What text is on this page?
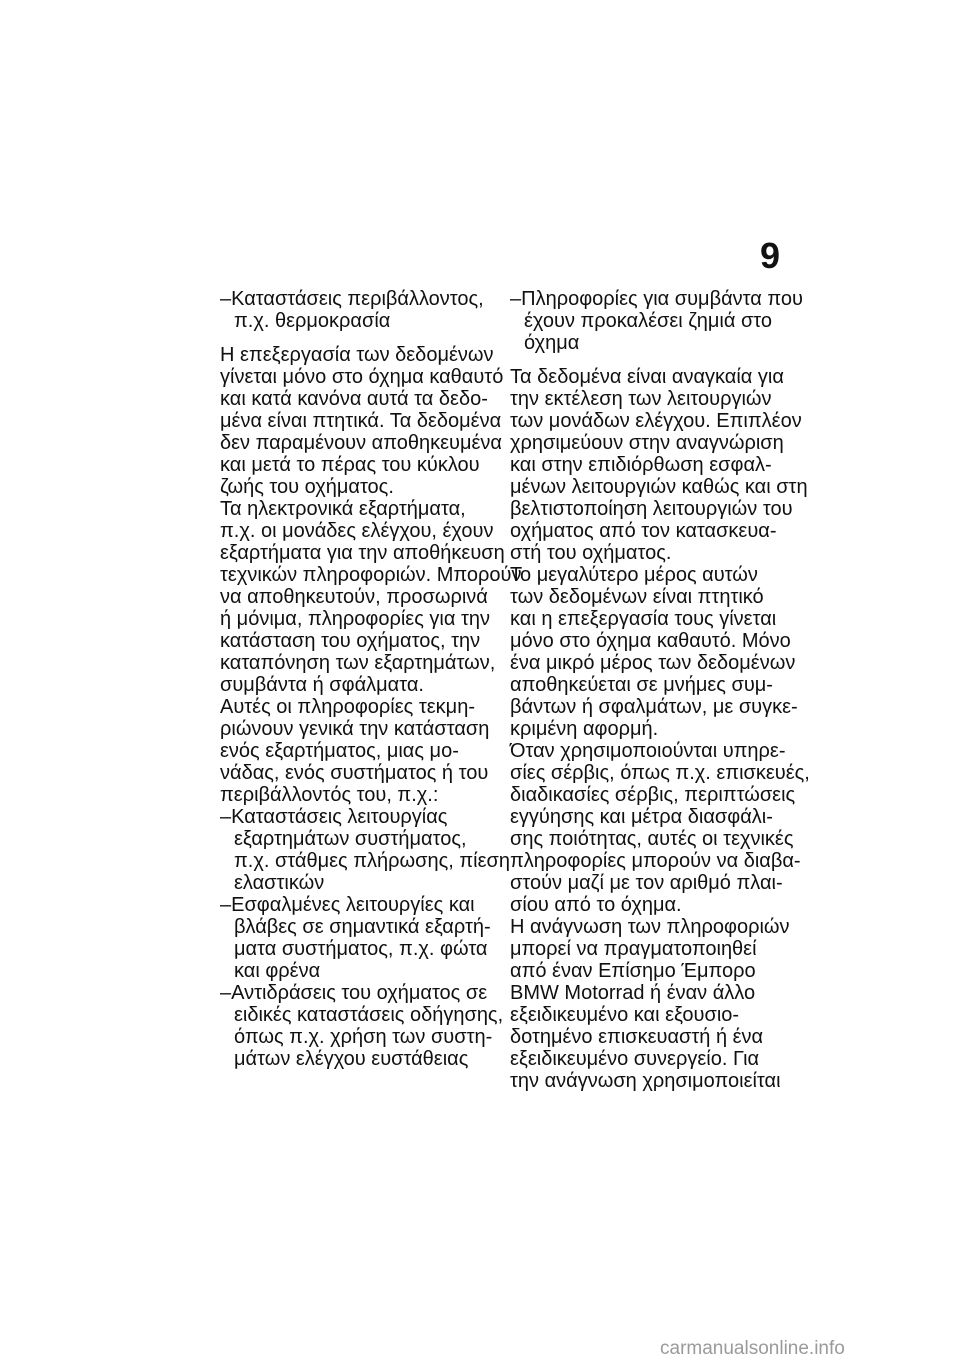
9
–Καταστάσεις περιβάλλοντος,
π.χ. θερμοκρασία
Η επεξεργασία των δεδομένων
γίνεται μόνο στο όχημα καθαυτό
και κατά κανόνα αυτά τα δεδο-
μένα είναι πτητικά. Τα δεδομένα
δεν παραμένουν αποθηκευμένα
και μετά το πέρας του κύκλου
ζωής του οχήματος.
Τα ηλεκτρονικά εξαρτήματα,
π.χ. οι μονάδες ελέγχου, έχουν
εξαρτήματα για την αποθήκευση
τεχνικών πληροφοριών. Μπορούν
να αποθηκευτούν, προσωρινά
ή μόνιμα, πληροφορίες για την
κατάσταση του οχήματος, την
καταπόνηση των εξαρτημάτων,
συμβάντα ή σφάλματα.
Αυτές οι πληροφορίες τεκμη-
ριώνουν γενικά την κατάσταση
ενός εξαρτήματος, μιας μο-
νάδας, ενός συστήματος ή του
περιβάλλοντός του, π.χ.:
–Καταστάσεις λειτουργίας
εξαρτημάτων συστήματος,
π.χ. στάθμες πλήρωσης, πίεση
ελαστικών
–Εσφαλμένες λειτουργίες και
βλάβες σε σημαντικά εξαρτή-
ματα συστήματος, π.χ. φώτα
και φρένα
–Αντιδράσεις του οχήματος σε
ειδικές καταστάσεις οδήγησης,
όπως π.χ. χρήση των συστη-
μάτων ελέγχου ευστάθειας
–Πληροφορίες για συμβάντα που
έχουν προκαλέσει ζημιά στο
όχημα
Τα δεδομένα είναι αναγκαία για
την εκτέλεση των λειτουργιών
των μονάδων ελέγχου. Επιπλέον
χρησιμεύουν στην αναγνώριση
και στην επιδιόρθωση εσφαλ-
μένων λειτουργιών καθώς και στη
βελτιστοποίηση λειτουργιών του
οχήματος από τον κατασκευα-
στή του οχήματος.
Το μεγαλύτερο μέρος αυτών
των δεδομένων είναι πτητικό
και η επεξεργασία τους γίνεται
μόνο στο όχημα καθαυτό. Μόνο
ένα μικρό μέρος των δεδομένων
αποθηκεύεται σε μνήμες συμ-
βάντων ή σφαλμάτων, με συγκε-
κριμένη αφορμή.
Όταν χρησιμοποιούνται υπηρε-
σίες σέρβις, όπως π.χ. επισκευές,
διαδικασίες σέρβις, περιπτώσεις
εγγύησης και μέτρα διασφάλι-
σης ποιότητας, αυτές οι τεχνικές
πληροφορίες μπορούν να διαβα-
στούν μαζί με τον αριθμό πλαι-
σίου από το όχημα.
Η ανάγνωση των πληροφοριών
μπορεί να πραγματοποιηθεί
από έναν Επίσημο Έμπορο
BMW Motorrad ή έναν άλλο
εξειδικευμένο και εξουσιο-
δοτημένο επισκευαστή ή ένα
εξειδικευμένο συνεργείο. Για
την ανάγνωση χρησιμοποιείται
carmanualsonline.info
